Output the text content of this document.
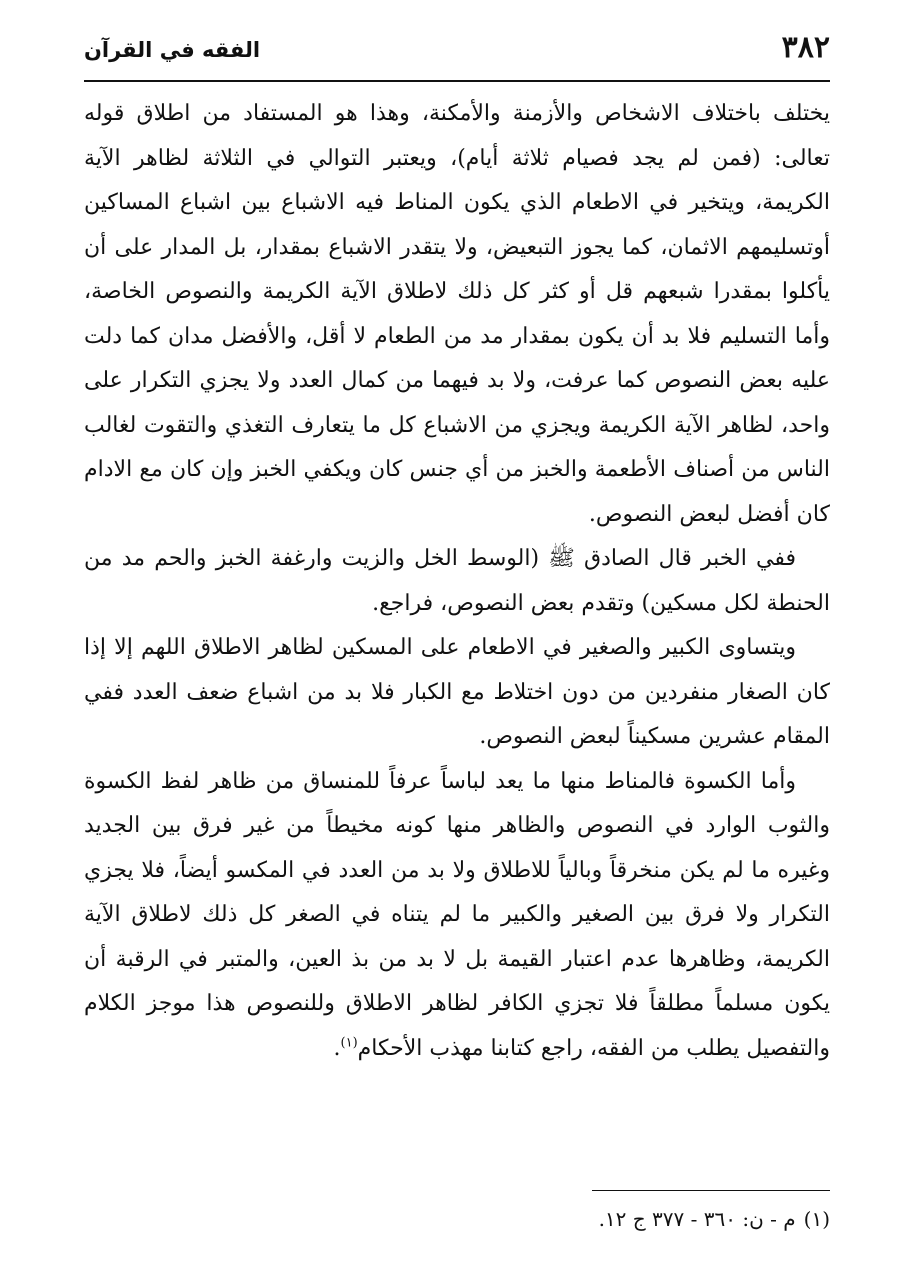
٣٨٢
الفقه في القرآن

يختلف باختلاف الاشخاص والأزمنة والأمكنة، وهذا هو المستفاد من اطلاق قوله تعالى: (فمن لم يجد فصيام ثلاثة أيام)، ويعتبر التوالي في الثلاثة لظاهر الآية الكريمة، ويتخير في الاطعام الذي يكون المناط فيه الاشباع بين اشباع المساكين أوتسليمهم الاثمان، كما يجوز التبعيض، ولا يتقدر الاشباع بمقدار، بل المدار على أن يأكلوا بمقدرا شبعهم قل أو كثر كل ذلك لاطلاق الآية الكريمة والنصوص الخاصة، وأما التسليم فلا بد أن يكون بمقدار مد من الطعام لا أقل، والأفضل مدان كما دلت عليه بعض النصوص كما عرفت، ولا بد فيهما من كمال العدد ولا يجزي التكرار على واحد، لظاهر الآية الكريمة ويجزي من الاشباع كل ما يتعارف التغذي والتقوت لغالب الناس من أصناف الأطعمة والخبز من أي جنس كان ويكفي الخبز وإن كان مع الادام كان أفضل لبعض النصوص.

ففي الخبر قال الصادق ﷺ (الوسط الخل والزيت وارغفة الخبز والحم مد من الحنطة لكل مسكين) وتقدم بعض النصوص، فراجع.

ويتساوى الكبير والصغير في الاطعام على المسكين لظاهر الاطلاق اللهم إلا إذا كان الصغار منفردين من دون اختلاط مع الكبار فلا بد من اشباع ضعف العدد ففي المقام عشرين مسكيناً لبعض النصوص.

وأما الكسوة فالمناط منها ما يعد لباساً عرفاً للمنساق من ظاهر لفظ الكسوة والثوب الوارد في النصوص والظاهر منها كونه مخيطاً من غير فرق بين الجديد وغيره ما لم يكن منخرقاً وبالياً للاطلاق ولا بد من العدد في المكسو أيضاً، فلا يجزي التكرار ولا فرق بين الصغير والكبير ما لم يتناه في الصغر كل ذلك لاطلاق الآية الكريمة، وظاهرها عدم اعتبار القيمة بل لا بد من بذ العين، والمتبر في الرقبة أن يكون مسلماً مطلقاً فلا تجزي الكافر لظاهر الاطلاق وللنصوص هذا موجز الكلام والتفصيل يطلب من الفقه، راجع كتابنا مهذب الأحكام$^{(١)}$.

(١)م - ن: ٣٦٠ - ٣٧٧ ج ١٢.
